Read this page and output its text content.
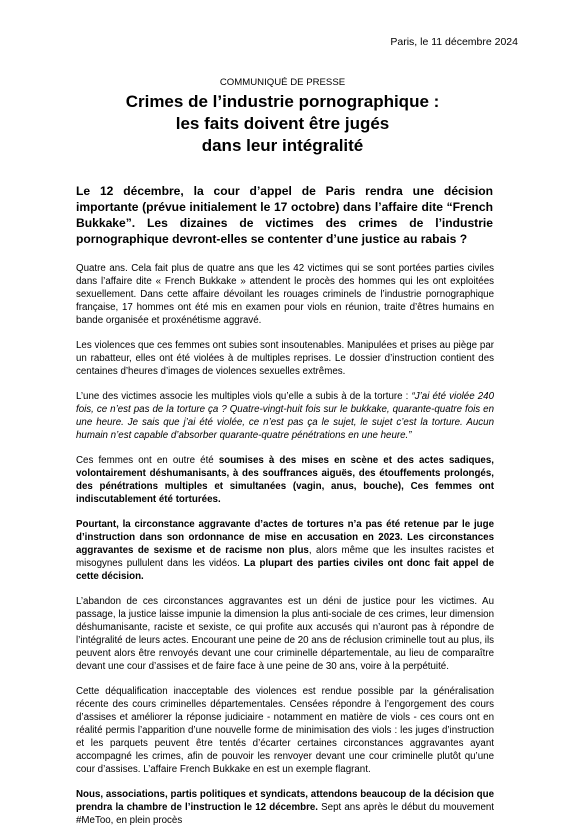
Paris, le 11 décembre 2024
COMMUNIQUÉ DE PRESSE
Crimes de l’industrie pornographique :
les faits doivent être jugés
dans leur intégralité

Le 12 décembre, la cour d’appel de Paris rendra une décision importante (prévue initialement le 17 octobre) dans l’affaire dite “French Bukkake”. Les dizaines de victimes des crimes de l’industrie pornographique devront-elles se contenter d’une justice au rabais ?

Quatre ans. Cela fait plus de quatre ans que les 42 victimes qui se sont portées parties civiles dans l’affaire dite « French Bukkake » attendent le procès des hommes qui les ont exploitées sexuellement. Dans cette affaire dévoilant les rouages criminels de l’industrie pornographique française, 17 hommes ont été mis en examen pour viols en réunion, traite d’êtres humains en bande organisée et proxénétisme aggravé.

Les violences que ces femmes ont subies sont insoutenables. Manipulées et prises au piège par un rabatteur, elles ont été violées à de multiples reprises. Le dossier d’instruction contient des centaines d’heures d’images de violences sexuelles extrêmes.

L’une des victimes associe les multiples viols qu’elle a subis à de la torture : “J’ai été violée 240 fois, ce n’est pas de la torture ça ? Quatre-vingt-huit fois sur le bukkake, quarante-quatre fois en une heure. Je sais que j’ai été violée, ce n’est pas ça le sujet, le sujet c’est la torture. Aucun humain n’est capable d’absorber quarante-quatre pénétrations en une heure.”

Ces femmes ont en outre été soumises à des mises en scène et des actes sadiques, volontairement déshumanisants, à des souffrances aiguës, des étouffements prolongés, des pénétrations multiples et simultanées (vagin, anus, bouche), Ces femmes ont indiscutablement été torturées.

Pourtant, la circonstance aggravante d’actes de tortures n’a pas été retenue par le juge d’instruction dans son ordonnance de mise en accusation en 2023. Les circonstances aggravantes de sexisme et de racisme non plus, alors même que les insultes racistes et misogynes pullulent dans les vidéos. La plupart des parties civiles ont donc fait appel de cette décision.

L’abandon de ces circonstances aggravantes est un déni de justice pour les victimes. Au passage, la justice laisse impunie la dimension la plus anti-sociale de ces crimes, leur dimension déshumanisante, raciste et sexiste, ce qui profite aux accusés qui n’auront pas à répondre de l’intégralité de leurs actes. Encourant une peine de 20 ans de réclusion criminelle tout au plus, ils peuvent alors être renvoyés devant une cour criminelle départementale, au lieu de comparaître devant une cour d’assises et de faire face à une peine de 30 ans, voire à la perpétuité.

Cette déqualification inacceptable des violences est rendue possible par la généralisation récente des cours criminelles départementales. Censées répondre à l’engorgement des cours d’assises et améliorer la réponse judiciaire - notamment en matière de viols - ces cours ont en réalité permis l’apparition d’une nouvelle forme de minimisation des viols : les juges d’instruction et les parquets peuvent être tentés d’écarter certaines circonstances aggravantes ayant accompagné les crimes, afin de pouvoir les renvoyer devant une cour criminelle plutôt qu’une cour d’assises. L’affaire French Bukkake en est un exemple flagrant.

Nous, associations, partis politiques et syndicats, attendons beaucoup de la décision que prendra la chambre de l’instruction le 12 décembre. Sept ans après le début du mouvement #MeToo, en plein procès
